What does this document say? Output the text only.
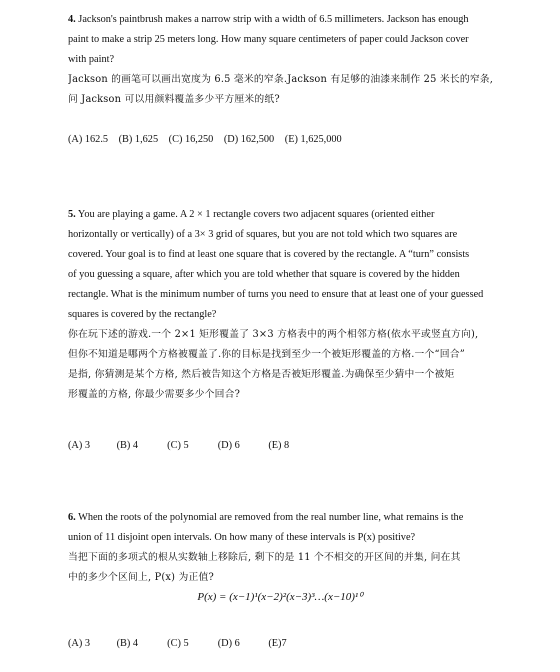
4. Jackson's paintbrush makes a narrow strip with a width of 6.5 millimeters. Jackson has enough
paint to make a strip 25 meters long. How many square centimeters of paper could Jackson cover
with paint?
Jackson 的画笔可以画出宽度为 6.5 毫米的窄条.Jackson 有足够的油漆来制作 25 米长的窄条,
问 Jackson 可以用颜料覆盖多少平方厘米的纸?
(A) 162.5 (B) 1,625 (C) 16,250 (D) 162,500 (E) 1,625,000
5. You are playing a game. A 2 × 1 rectangle covers two adjacent squares (oriented either
horizontally or vertically) of a 3× 3 grid of squares, but you are not told which two squares are
covered. Your goal is to find at least one square that is covered by the rectangle. A “turn” consists
of you guessing a square, after which you are told whether that square is covered by the hidden
rectangle. What is the minimum number of turns you need to ensure that at least one of your guessed
squares is covered by the rectangle?
你在玩下述的游戏.一个 2×1 矩形覆盖了 3×3 方格表中的两个相邻方格(依水平或竖直方向),
但你不知道是哪两个方格被覆盖了.你的目标是找到至少一个被矩形覆盖的方格.一个“回合”
是指, 你猜测是某个方格, 然后被告知这个方格是否被矩形覆盖.为确保至少猜中一个被矩
形覆盖的方格, 你最少需要多少个回合?
(A) 3	(B) 4	(C) 5	(D) 6	(E) 8
6. When the roots of the polynomial are removed from the real number line, what remains is the
union of 11 disjoint open intervals. On how many of these intervals is P(x) positive?
当把下面的多项式的根从实数轴上移除后, 剩下的是 11 个不相交的开区间的并集, 问在其
中的多少个区间上, P(x) 为正值?
P(x) = (x−1)¹(x−2)²(x−3)³…(x−10)¹⁰
(A) 3	(B) 4	(C) 5	(D) 6	(E)7
